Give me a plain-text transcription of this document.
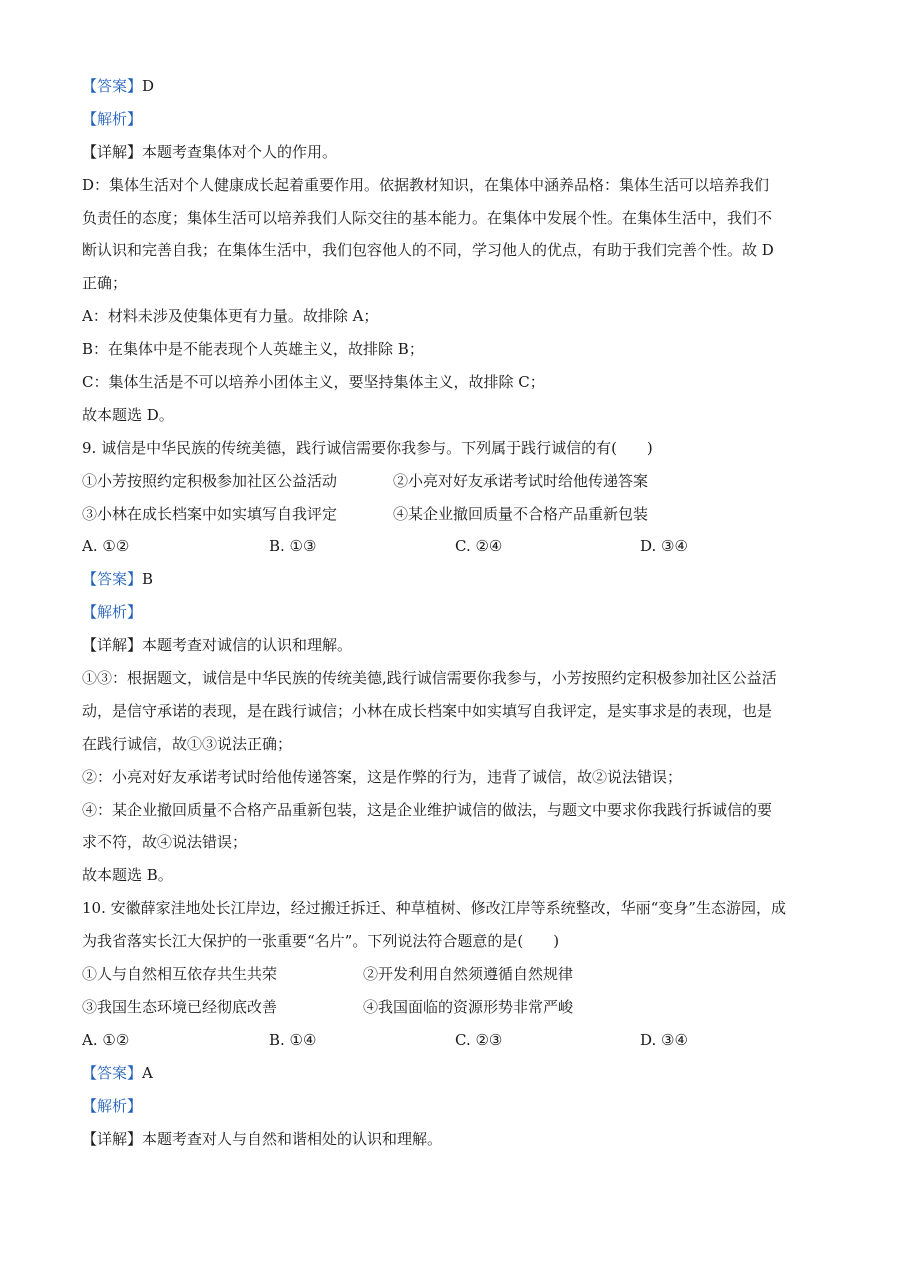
【答案】D
【解析】
【详解】本题考查集体对个人的作用。
D：集体生活对个人健康成长起着重要作用。依据教材知识，在集体中涵养品格：集体生活可以培养我们
负责任的态度；集体生活可以培养我们人际交往的基本能力。在集体中发展个性。在集体生活中，我们不
断认识和完善自我；在集体生活中，我们包容他人的不同，学习他人的优点，有助于我们完善个性。故 D
正确；
A：材料未涉及使集体更有力量。故排除 A；
B：在集体中是不能表现个人英雄主义，故排除 B；
C：集体生活是不可以培养小团体主义，要坚持集体主义，故排除 C；
故本题选 D。
9. 诚信是中华民族的传统美德，践行诚信需要你我参与。下列属于践行诚信的有(　　)
①小芳按照约定积极参加社区公益活动	②小亮对好友承诺考试时给他传递答案
③小林在成长档案中如实填写自我评定	④某企业撤回质量不合格产品重新包装
A. ①②	B. ①③	C. ②④	D. ③④
【答案】B
【解析】
【详解】本题考查对诚信的认识和理解。
①③：根据题文，诚信是中华民族的传统美德,践行诚信需要你我参与，小芳按照约定积极参加社区公益活
动，是信守承诺的表现，是在践行诚信；小林在成长档案中如实填写自我评定，是实事求是的表现，也是
在践行诚信，故①③说法正确；
②：小亮对好友承诺考试时给他传递答案，这是作弊的行为，违背了诚信，故②说法错误；
④：某企业撤回质量不合格产品重新包装，这是企业维护诚信的做法，与题文中要求你我践行拆诚信的要
求不符，故④说法错误；
故本题选 B。
10. 安徽薛家洼地处长江岸边，经过搬迁拆迁、种草植树、修改江岸等系统整改，华丽“变身”生态游园，成
为我省落实长江大保护的一张重要“名片”。下列说法符合题意的是(　　)
①人与自然相互依存共生共荣	②开发利用自然须遵循自然规律
③我国生态环境已经彻底改善	④我国面临的资源形势非常严峻
A. ①②	B. ①④	C. ②③	D. ③④
【答案】A
【解析】
【详解】本题考查对人与自然和谐相处的认识和理解。
